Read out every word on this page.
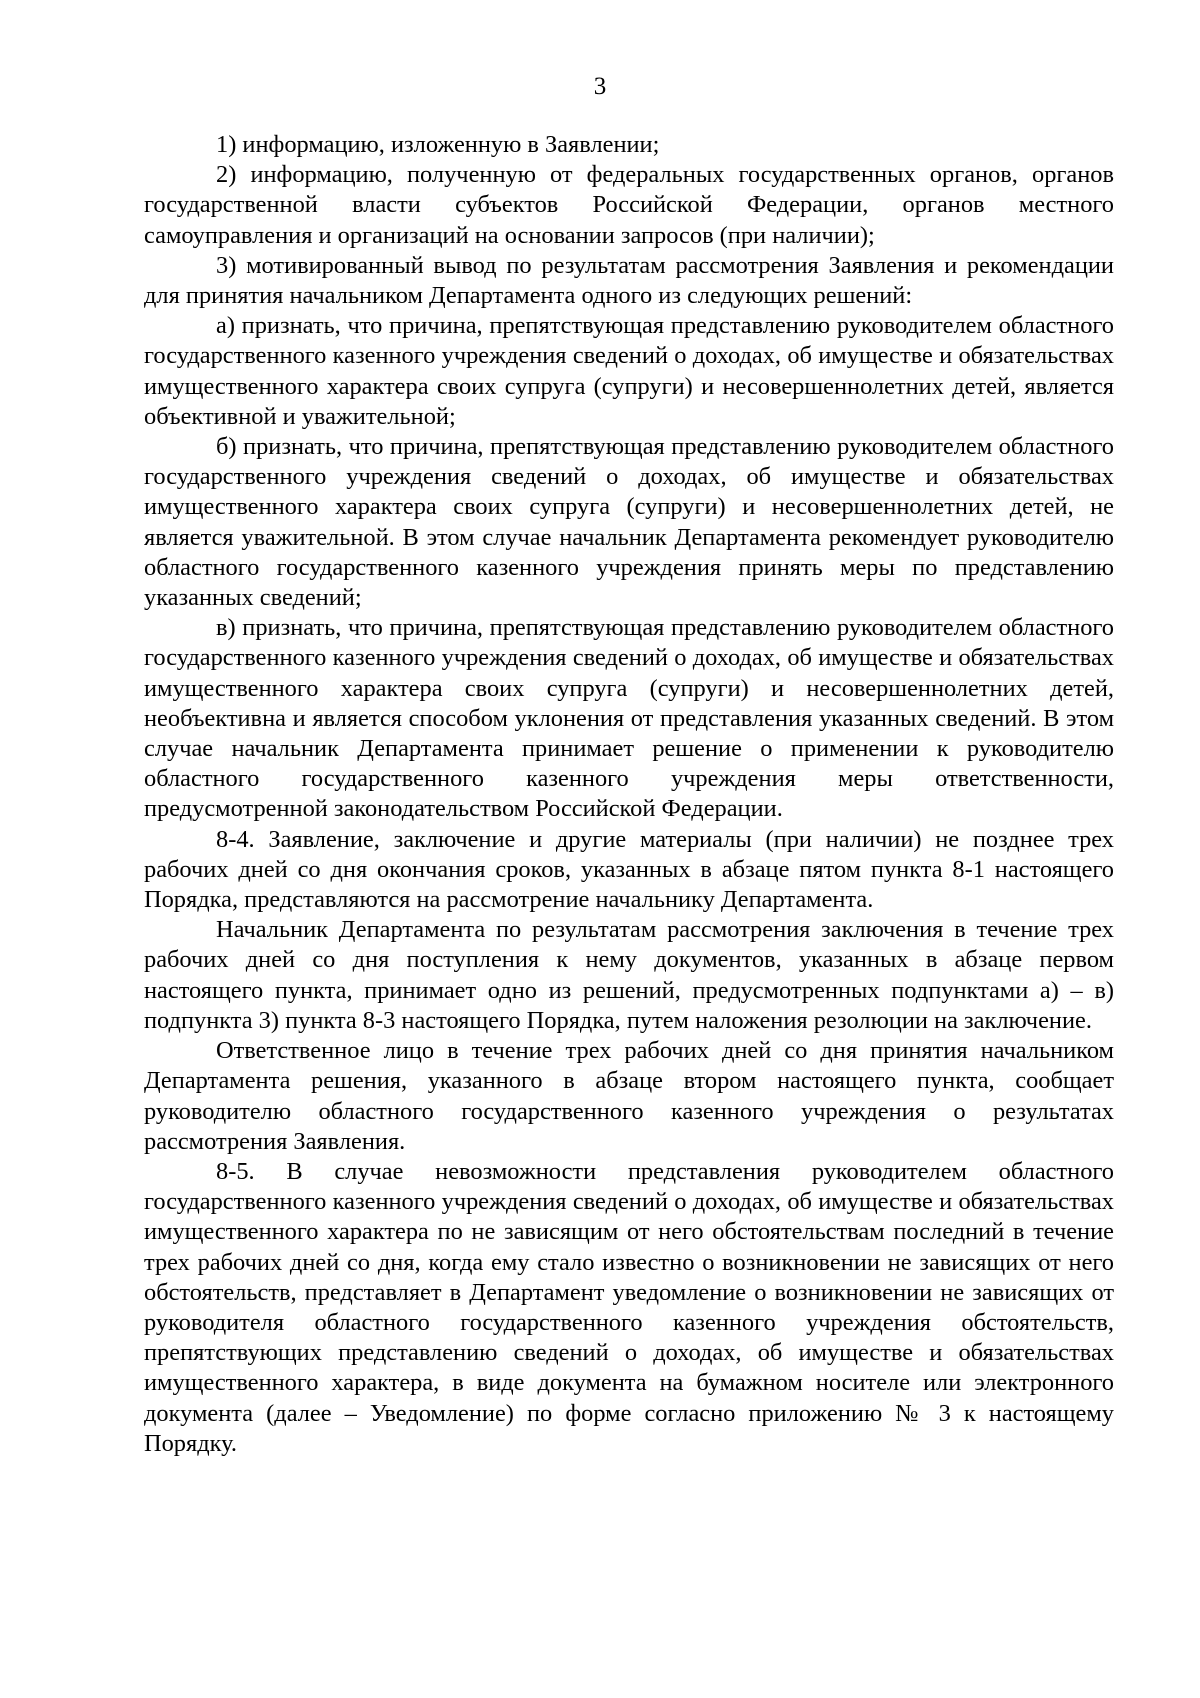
3

1) информацию, изложенную в Заявлении;

2) информацию, полученную от федеральных государственных органов, органов государственной власти субъектов Российской Федерации, органов местного самоуправления и организаций на основании запросов (при наличии);

3) мотивированный вывод по результатам рассмотрения Заявления и рекомендации для принятия начальником Департамента одного из следующих решений:

а) признать, что причина, препятствующая представлению руководителем областного государственного казенного учреждения сведений о доходах, об имуществе и обязательствах имущественного характера своих супруга (супруги) и несовершеннолетних детей, является объективной и уважительной;

б) признать, что причина, препятствующая представлению руководителем областного государственного учреждения сведений о доходах, об имуществе и обязательствах имущественного характера своих супруга (супруги) и несовершеннолетних детей, не является уважительной. В этом случае начальник Департамента рекомендует руководителю областного государственного казенного учреждения принять меры по представлению указанных сведений;

в) признать, что причина, препятствующая представлению руководителем областного государственного казенного учреждения сведений о доходах, об имуществе и обязательствах имущественного характера своих супруга (супруги) и несовершеннолетних детей, необъективна и является способом уклонения от представления указанных сведений. В этом случае начальник Департамента принимает решение о применении к руководителю областного государственного казенного учреждения меры ответственности, предусмотренной законодательством Российской Федерации.

8-4. Заявление, заключение и другие материалы (при наличии) не позднее трех рабочих дней со дня окончания сроков, указанных в абзаце пятом пункта 8-1 настоящего Порядка, представляются на рассмотрение начальнику Департамента.

Начальник Департамента по результатам рассмотрения заключения в течение трех рабочих дней со дня поступления к нему документов, указанных в абзаце первом настоящего пункта, принимает одно из решений, предусмотренных подпунктами а) – в) подпункта 3) пункта 8-3 настоящего Порядка, путем наложения резолюции на заключение.

Ответственное лицо в течение трех рабочих дней со дня принятия начальником Департамента решения, указанного в абзаце втором настоящего пункта, сообщает руководителю областного государственного казенного учреждения о результатах рассмотрения Заявления.

8-5. В случае невозможности представления руководителем областного государственного казенного учреждения сведений о доходах, об имуществе и обязательствах имущественного характера по не зависящим от него обстоятельствам последний в течение трех рабочих дней со дня, когда ему стало известно о возникновении не зависящих от него обстоятельств, представляет в Департамент уведомление о возникновении не зависящих от руководителя областного государственного казенного учреждения обстоятельств, препятствующих представлению сведений о доходах, об имуществе и обязательствах имущественного характера, в виде документа на бумажном носителе или электронного документа (далее – Уведомление) по форме согласно приложению № 3 к настоящему Порядку.
